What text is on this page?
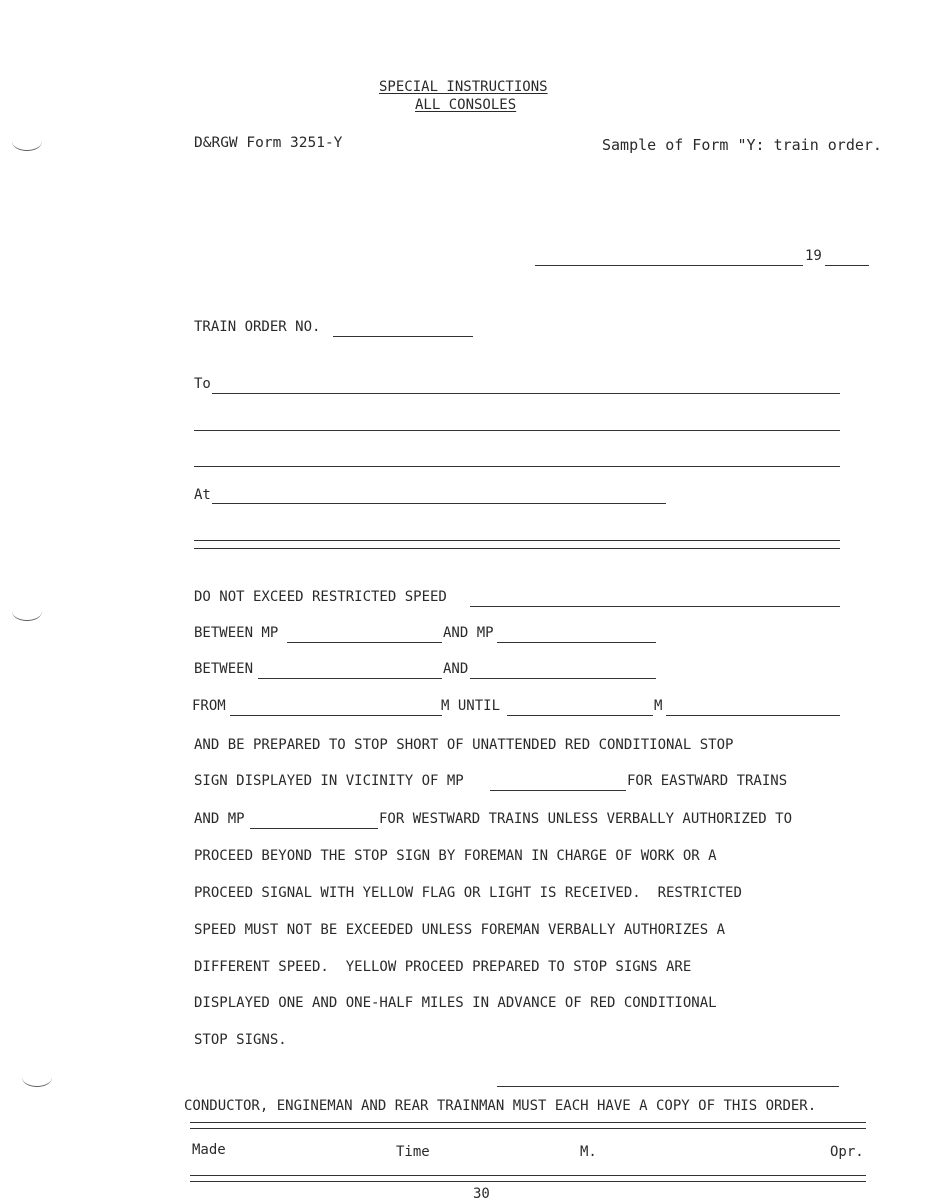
SPECIAL INSTRUCTIONS
ALL CONSOLES
D&RGW Form 3251-Y	Sample of Form "Y: train order.
19
TRAIN ORDER NO.
To
At
DO NOT EXCEED RESTRICTED SPEED
BETWEEN MP	AND MP
BETWEEN	AND
FROM	M UNTIL	M
AND BE PREPARED TO STOP SHORT OF UNATTENDED RED CONDITIONAL STOP
SIGN DISPLAYED IN VICINITY OF MP	FOR EASTWARD TRAINS
AND MP	FOR WESTWARD TRAINS UNLESS VERBALLY AUTHORIZED TO
PROCEED BEYOND THE STOP SIGN BY FOREMAN IN CHARGE OF WORK OR A
PROCEED SIGNAL WITH YELLOW FLAG OR LIGHT IS RECEIVED.  RESTRICTED
SPEED MUST NOT BE EXCEEDED UNLESS FOREMAN VERBALLY AUTHORIZES A
DIFFERENT SPEED.  YELLOW PROCEED PREPARED TO STOP SIGNS ARE
DISPLAYED ONE AND ONE-HALF MILES IN ADVANCE OF RED CONDITIONAL
STOP SIGNS.
CONDUCTOR, ENGINEMAN AND REAR TRAINMAN MUST EACH HAVE A COPY OF THIS ORDER.
Made	Time	M.	Opr.
30
